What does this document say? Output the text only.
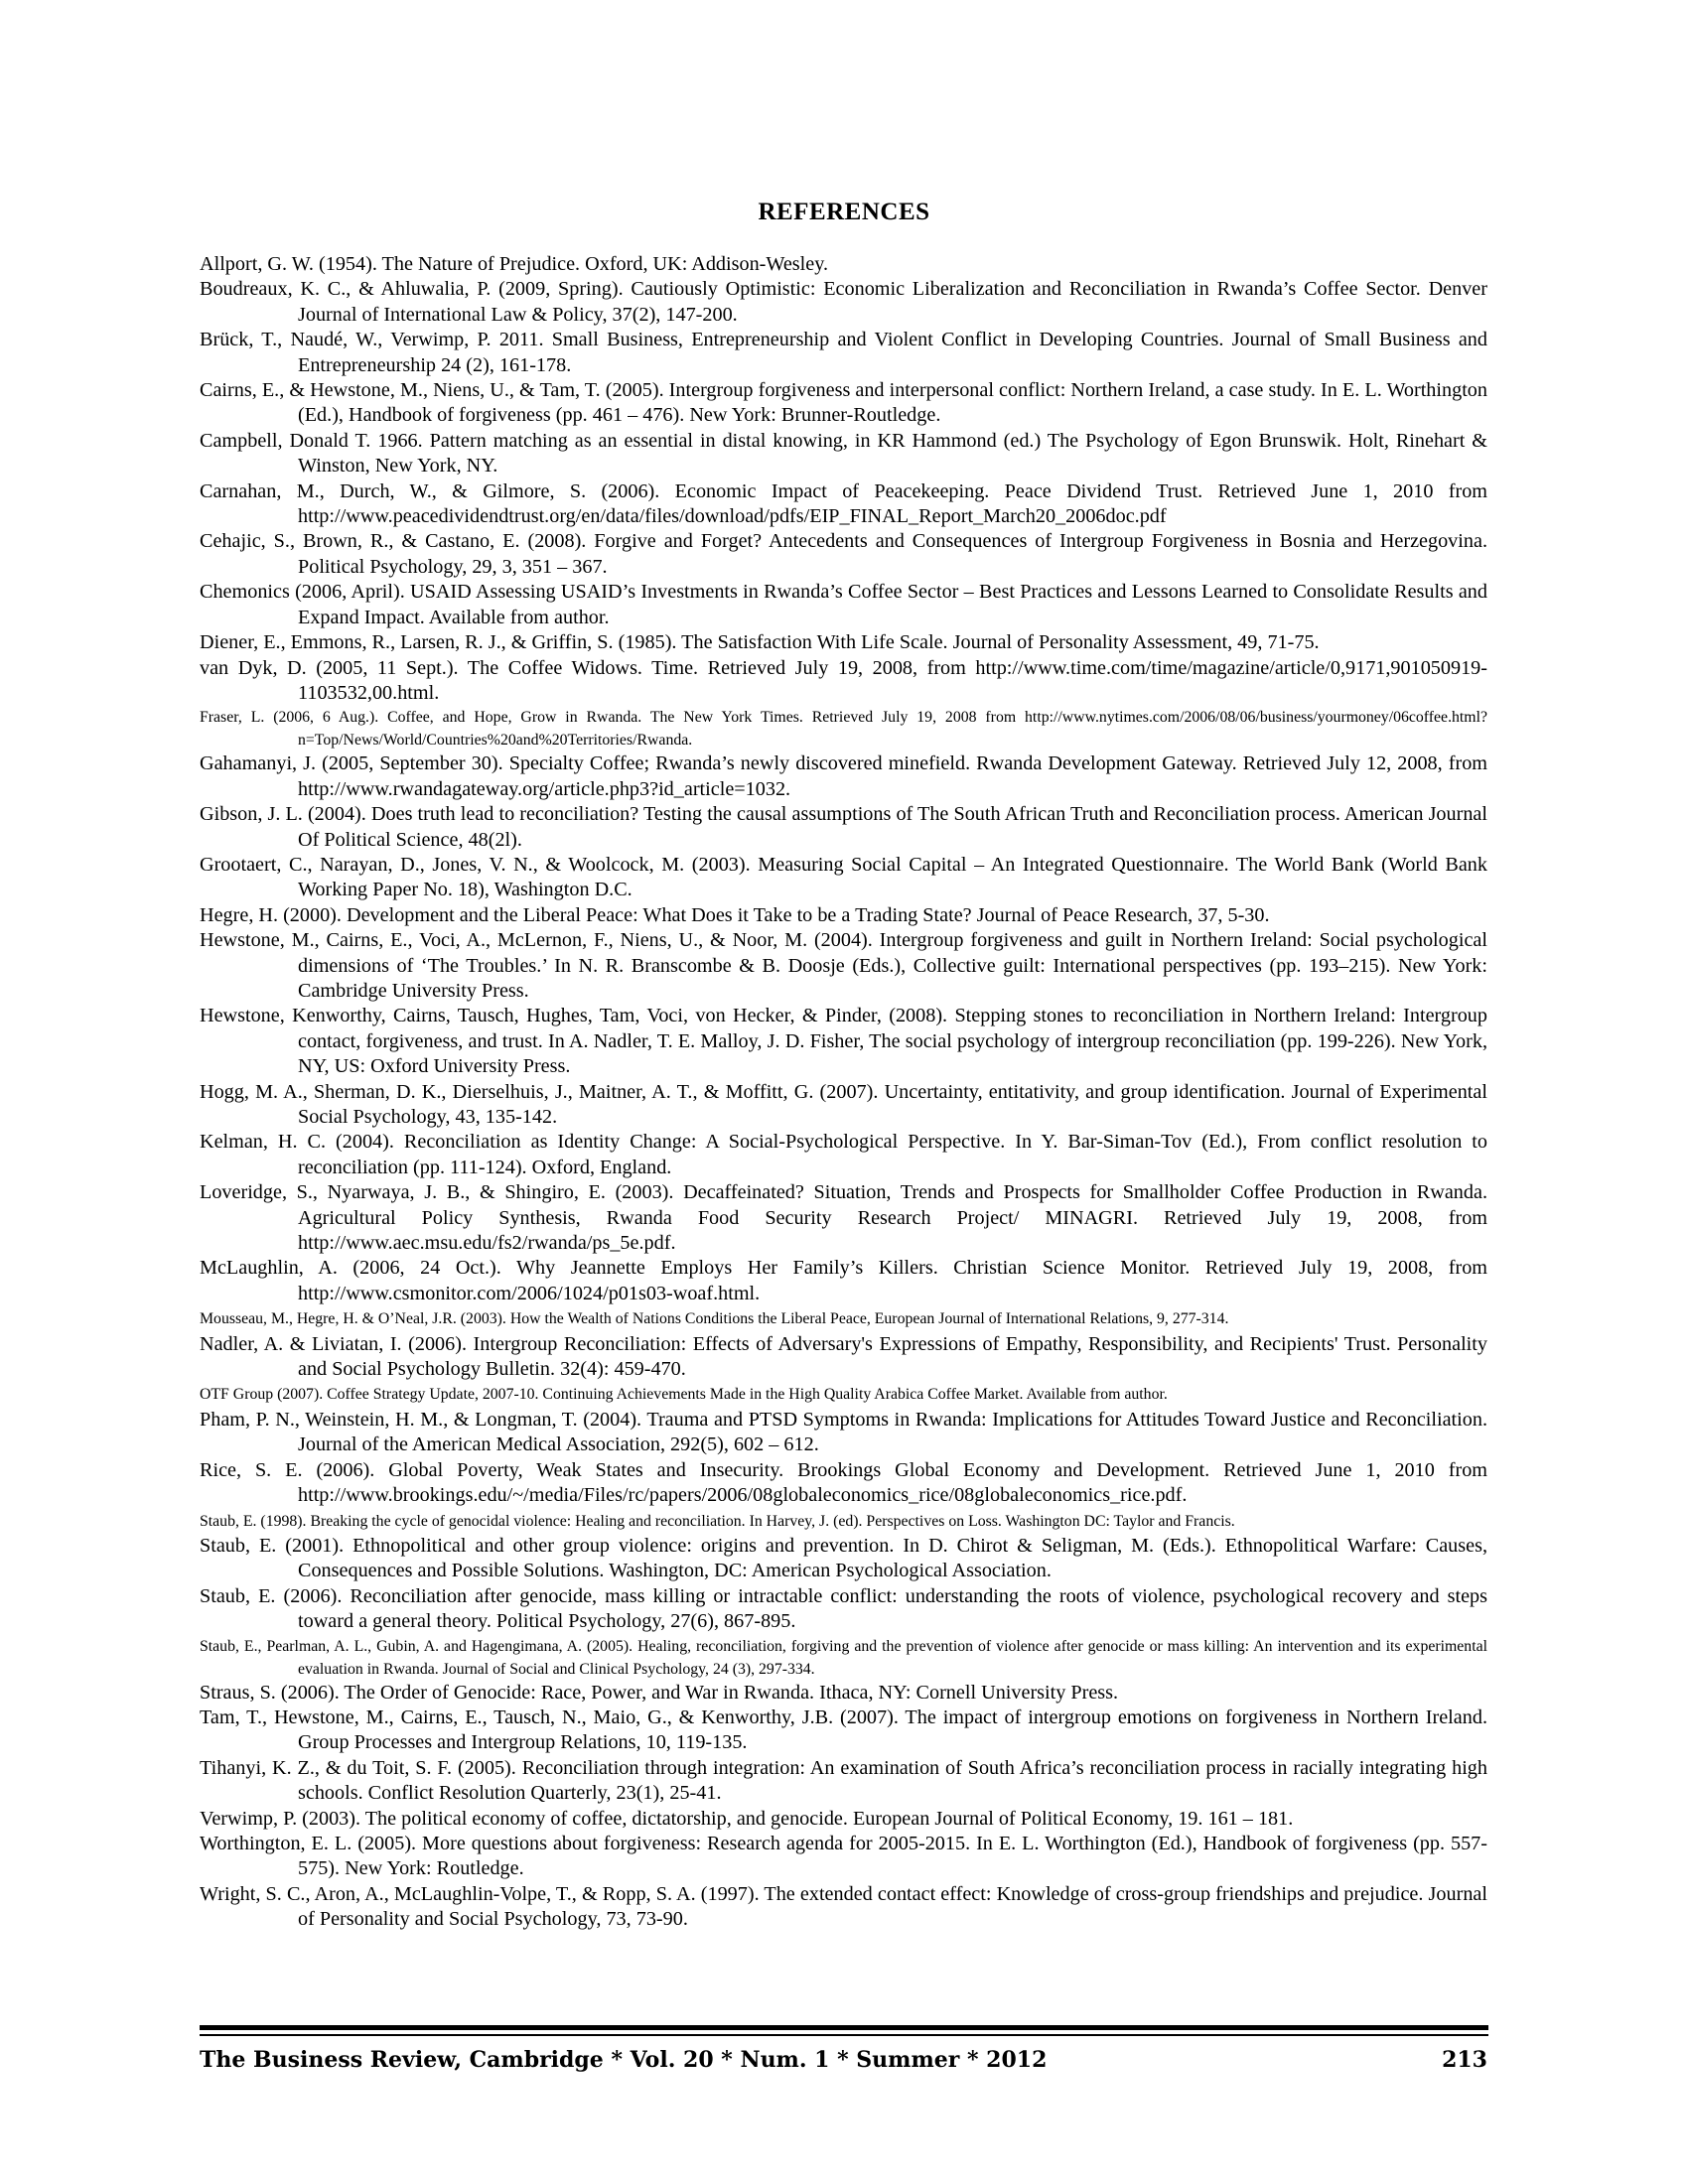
REFERENCES
Allport, G. W. (1954). The Nature of Prejudice. Oxford, UK: Addison-Wesley.
Boudreaux, K. C., & Ahluwalia, P. (2009, Spring). Cautiously Optimistic: Economic Liberalization and Reconciliation in Rwanda’s Coffee Sector. Denver Journal of International Law & Policy, 37(2), 147-200.
Brück, T., Naudé, W., Verwimp, P. 2011. Small Business, Entrepreneurship and Violent Conflict in Developing Countries. Journal of Small Business and Entrepreneurship 24 (2), 161-178.
Cairns, E., & Hewstone, M., Niens, U., & Tam, T. (2005). Intergroup forgiveness and interpersonal conflict: Northern Ireland, a case study. In E. L. Worthington (Ed.), Handbook of forgiveness (pp. 461 – 476). New York: Brunner-Routledge.
Campbell, Donald T. 1966. Pattern matching as an essential in distal knowing, in KR Hammond (ed.) The Psychology of Egon Brunswik. Holt, Rinehart & Winston, New York, NY.
Carnahan, M., Durch, W., & Gilmore, S. (2006). Economic Impact of Peacekeeping. Peace Dividend Trust. Retrieved June 1, 2010 from http://www.peacedividendtrust.org/en/data/files/download/pdfs/EIP_FINAL_Report_March20_2006doc.pdf
Cehajic, S., Brown, R., & Castano, E. (2008). Forgive and Forget? Antecedents and Consequences of Intergroup Forgiveness in Bosnia and Herzegovina. Political Psychology, 29, 3, 351 – 367.
Chemonics (2006, April). USAID Assessing USAID’s Investments in Rwanda’s Coffee Sector – Best Practices and Lessons Learned to Consolidate Results and Expand Impact. Available from author.
Diener, E., Emmons, R., Larsen, R. J., & Griffin, S. (1985). The Satisfaction With Life Scale. Journal of Personality Assessment, 49, 71-75.
van Dyk, D. (2005, 11 Sept.). The Coffee Widows. Time. Retrieved July 19, 2008, from http://www.time.com/time/magazine/article/0,9171,901050919-1103532,00.html.
Fraser, L. (2006, 6 Aug.). Coffee, and Hope, Grow in Rwanda. The New York Times. Retrieved July 19, 2008 from http://www.nytimes.com/2006/08/06/business/yourmoney/06coffee.html?n=Top/News/World/Countries%20and%20Territories/Rwanda.
Gahamanyi, J. (2005, September 30). Specialty Coffee; Rwanda’s newly discovered minefield. Rwanda Development Gateway. Retrieved July 12, 2008, from http://www.rwandagateway.org/article.php3?id_article=1032.
Gibson, J. L. (2004). Does truth lead to reconciliation? Testing the causal assumptions of The South African Truth and Reconciliation process. American Journal Of Political Science, 48(2l).
Grootaert, C., Narayan, D., Jones, V. N., & Woolcock, M. (2003). Measuring Social Capital – An Integrated Questionnaire. The World Bank (World Bank Working Paper No. 18), Washington D.C.
Hegre, H. (2000). Development and the Liberal Peace: What Does it Take to be a Trading State? Journal of Peace Research, 37, 5-30.
Hewstone, M., Cairns, E., Voci, A., McLernon, F., Niens, U., & Noor, M. (2004). Intergroup forgiveness and guilt in Northern Ireland: Social psychological dimensions of ‘The Troubles.’ In N. R. Branscombe & B. Doosje (Eds.), Collective guilt: International perspectives (pp. 193–215). New York: Cambridge University Press.
Hewstone, Kenworthy, Cairns, Tausch, Hughes, Tam, Voci, von Hecker, & Pinder, (2008). Stepping stones to reconciliation in Northern Ireland: Intergroup contact, forgiveness, and trust. In A. Nadler, T. E. Malloy, J. D. Fisher, The social psychology of intergroup reconciliation (pp. 199-226). New York, NY, US: Oxford University Press.
Hogg, M. A., Sherman, D. K., Dierselhuis, J., Maitner, A. T., & Moffitt, G. (2007). Uncertainty, entitativity, and group identification. Journal of Experimental Social Psychology, 43, 135-142.
Kelman, H. C. (2004). Reconciliation as Identity Change: A Social-Psychological Perspective. In Y. Bar-Siman-Tov (Ed.), From conflict resolution to reconciliation (pp. 111-124). Oxford, England.
Loveridge, S., Nyarwaya, J. B., & Shingiro, E. (2003). Decaffeinated? Situation, Trends and Prospects for Smallholder Coffee Production in Rwanda. Agricultural Policy Synthesis, Rwanda Food Security Research Project/ MINAGRI. Retrieved July 19, 2008, from http://www.aec.msu.edu/fs2/rwanda/ps_5e.pdf.
McLaughlin, A. (2006, 24 Oct.). Why Jeannette Employs Her Family’s Killers. Christian Science Monitor. Retrieved July 19, 2008, from http://www.csmonitor.com/2006/1024/p01s03-woaf.html.
Mousseau, M., Hegre, H. & O’Neal, J.R. (2003). How the Wealth of Nations Conditions the Liberal Peace, European Journal of International Relations, 9, 277-314.
Nadler, A. & Liviatan, I. (2006). Intergroup Reconciliation: Effects of Adversary's Expressions of Empathy, Responsibility, and Recipients' Trust. Personality and Social Psychology Bulletin. 32(4): 459-470.
OTF Group (2007). Coffee Strategy Update, 2007-10. Continuing Achievements Made in the High Quality Arabica Coffee Market. Available from author.
Pham, P. N., Weinstein, H. M., & Longman, T. (2004). Trauma and PTSD Symptoms in Rwanda: Implications for Attitudes Toward Justice and Reconciliation. Journal of the American Medical Association, 292(5), 602 – 612.
Rice, S. E. (2006). Global Poverty, Weak States and Insecurity. Brookings Global Economy and Development. Retrieved June 1, 2010 from http://www.brookings.edu/~/media/Files/rc/papers/2006/08globaleconomics_rice/08globaleconomics_rice.pdf.
Staub, E. (1998). Breaking the cycle of genocidal violence: Healing and reconciliation. In Harvey, J. (ed). Perspectives on Loss. Washington DC: Taylor and Francis.
Staub, E. (2001). Ethnopolitical and other group violence: origins and prevention. In D. Chirot & Seligman, M. (Eds.). Ethnopolitical Warfare: Causes, Consequences and Possible Solutions. Washington, DC: American Psychological Association.
Staub, E. (2006). Reconciliation after genocide, mass killing or intractable conflict: understanding the roots of violence, psychological recovery and steps toward a general theory. Political Psychology, 27(6), 867-895.
Staub, E., Pearlman, A. L., Gubin, A. and Hagengimana, A. (2005). Healing, reconciliation, forgiving and the prevention of violence after genocide or mass killing: An intervention and its experimental evaluation in Rwanda. Journal of Social and Clinical Psychology, 24 (3), 297-334.
Straus, S. (2006). The Order of Genocide: Race, Power, and War in Rwanda. Ithaca, NY: Cornell University Press.
Tam, T., Hewstone, M., Cairns, E., Tausch, N., Maio, G., & Kenworthy, J.B. (2007). The impact of intergroup emotions on forgiveness in Northern Ireland. Group Processes and Intergroup Relations, 10, 119-135.
Tihanyi, K. Z., & du Toit, S. F. (2005). Reconciliation through integration: An examination of South Africa’s reconciliation process in racially integrating high schools. Conflict Resolution Quarterly, 23(1), 25-41.
Verwimp, P. (2003). The political economy of coffee, dictatorship, and genocide. European Journal of Political Economy, 19. 161 – 181.
Worthington, E. L. (2005). More questions about forgiveness: Research agenda for 2005-2015. In E. L. Worthington (Ed.), Handbook of forgiveness (pp. 557-575). New York: Routledge.
Wright, S. C., Aron, A., McLaughlin-Volpe, T., & Ropp, S. A. (1997). The extended contact effect: Knowledge of cross-group friendships and prejudice. Journal of Personality and Social Psychology, 73, 73-90.
The Business Review, Cambridge * Vol. 20 * Num. 1 * Summer * 2012	213
